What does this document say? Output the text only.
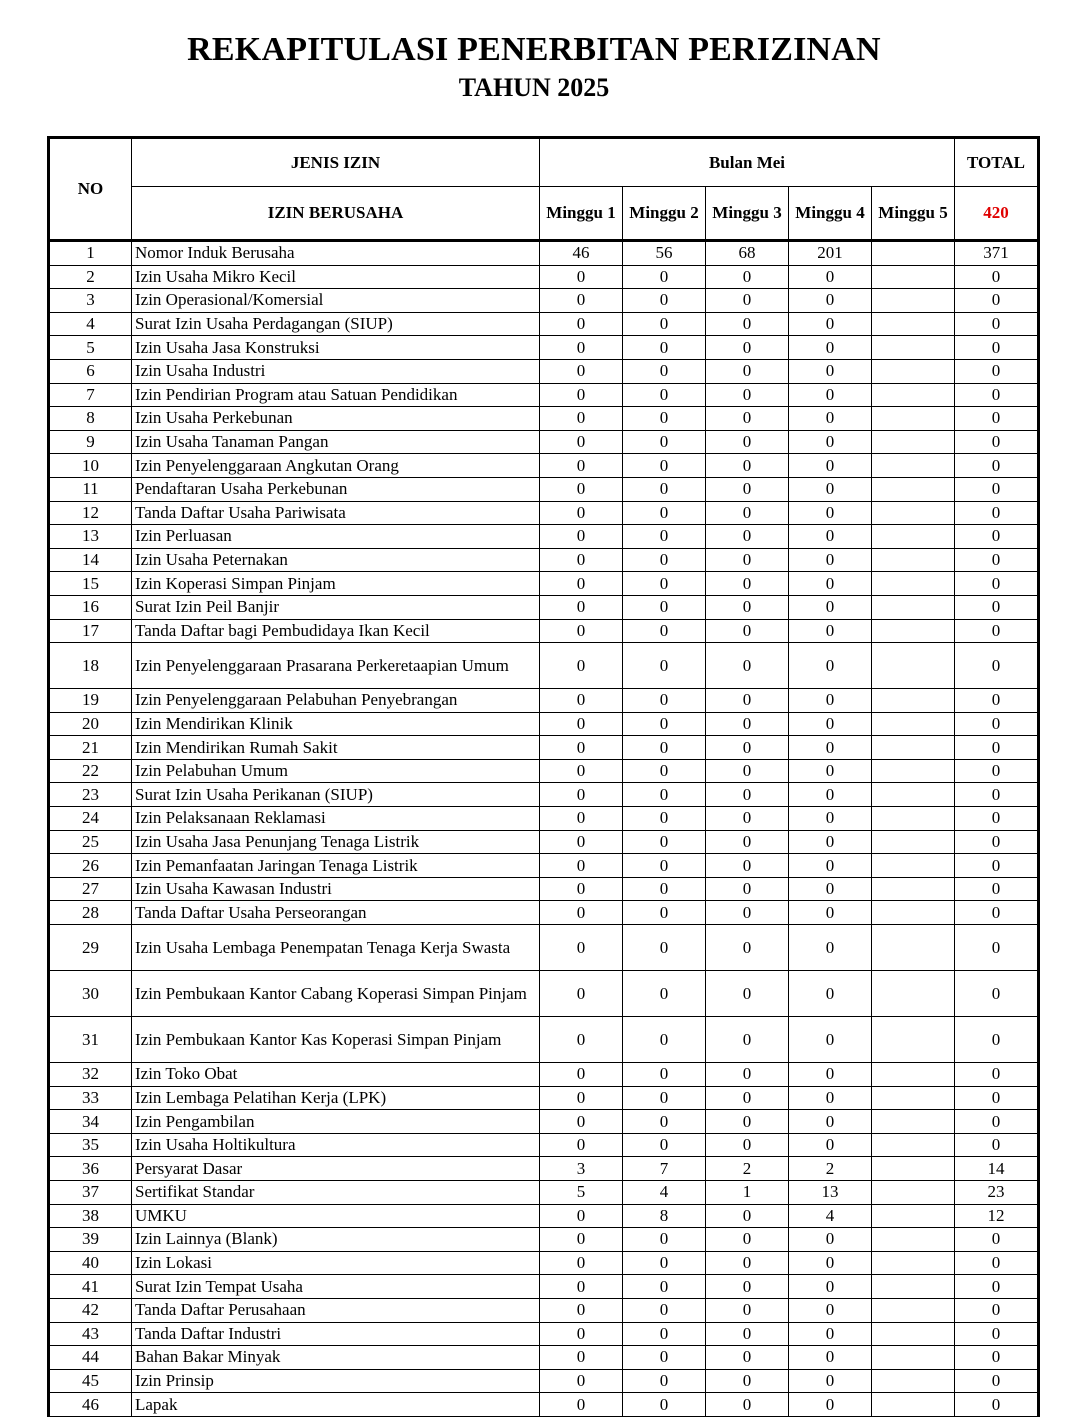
REKAPITULASI PENERBITAN PERIZINAN
TAHUN 2025
NO	JENIS IZIN	Bulan Mei					TOTAL
	IZIN BERUSAHA	Minggu 1	Minggu 2	Minggu 3	Minggu 4	Minggu 5	420
1	Nomor Induk Berusaha	46	56	68	201		371
2	Izin Usaha Mikro Kecil	0	0	0	0		0
3	Izin Operasional/Komersial	0	0	0	0		0
4	Surat Izin Usaha Perdagangan (SIUP)	0	0	0	0		0
5	Izin Usaha Jasa Konstruksi	0	0	0	0		0
6	Izin Usaha Industri	0	0	0	0		0
7	Izin Pendirian Program atau Satuan Pendidikan	0	0	0	0		0
8	Izin Usaha Perkebunan	0	0	0	0		0
9	Izin Usaha Tanaman Pangan	0	0	0	0		0
10	Izin Penyelenggaraan Angkutan Orang	0	0	0	0		0
11	Pendaftaran Usaha Perkebunan	0	0	0	0		0
12	Tanda Daftar Usaha Pariwisata	0	0	0	0		0
13	Izin Perluasan	0	0	0	0		0
14	Izin Usaha Peternakan	0	0	0	0		0
15	Izin Koperasi Simpan Pinjam	0	0	0	0		0
16	Surat Izin Peil Banjir	0	0	0	0		0
17	Tanda Daftar bagi Pembudidaya Ikan Kecil	0	0	0	0		0
18	Izin Penyelenggaraan Prasarana Perkeretaapian Umum	0	0	0	0		0
19	Izin Penyelenggaraan Pelabuhan Penyebrangan	0	0	0	0		0
20	Izin Mendirikan Klinik	0	0	0	0		0
21	Izin Mendirikan Rumah Sakit	0	0	0	0		0
22	Izin Pelabuhan Umum	0	0	0	0		0
23	Surat Izin Usaha Perikanan (SIUP)	0	0	0	0		0
24	Izin Pelaksanaan Reklamasi	0	0	0	0		0
25	Izin Usaha Jasa Penunjang Tenaga Listrik	0	0	0	0		0
26	Izin Pemanfaatan Jaringan Tenaga Listrik	0	0	0	0		0
27	Izin Usaha Kawasan Industri	0	0	0	0		0
28	Tanda Daftar Usaha Perseorangan	0	0	0	0		0
29	Izin Usaha Lembaga Penempatan Tenaga Kerja Swasta	0	0	0	0		0
30	Izin Pembukaan Kantor Cabang Koperasi Simpan Pinjam	0	0	0	0		0
31	Izin Pembukaan Kantor Kas Koperasi Simpan Pinjam	0	0	0	0		0
32	Izin Toko Obat	0	0	0	0		0
33	Izin Lembaga Pelatihan Kerja (LPK)	0	0	0	0		0
34	Izin Pengambilan	0	0	0	0		0
35	Izin Usaha Holtikultura	0	0	0	0		0
36	Persyarat Dasar	3	7	2	2		14
37	Sertifikat Standar	5	4	1	13		23
38	UMKU	0	8	0	4		12
39	Izin Lainnya (Blank)	0	0	0	0		0
40	Izin Lokasi	0	0	0	0		0
41	Surat Izin Tempat Usaha	0	0	0	0		0
42	Tanda Daftar Perusahaan	0	0	0	0		0
43	Tanda Daftar Industri	0	0	0	0		0
44	Bahan Bakar Minyak	0	0	0	0		0
45	Izin Prinsip	0	0	0	0		0
46	Lapak	0	0	0	0		0
